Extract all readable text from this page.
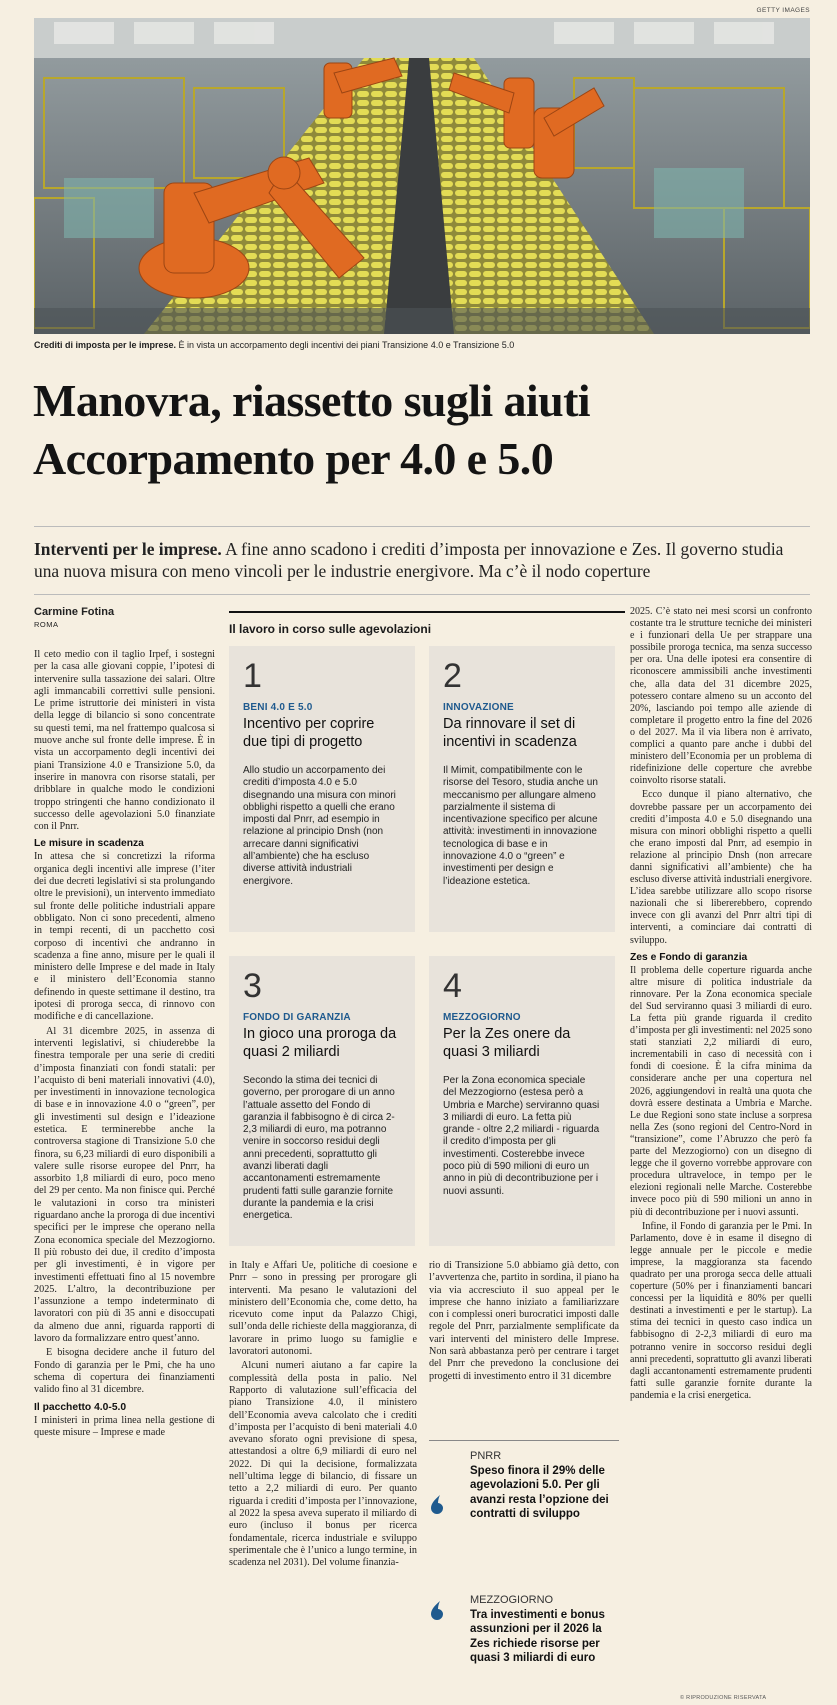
GETTY IMAGES
Crediti di imposta per le imprese. È in vista un accorpamento degli incentivi dei piani Transizione 4.0 e Transizione 5.0
Manovra, riassetto sugli aiuti
Accorpamento per 4.0 e 5.0
Interventi per le imprese. A fine anno scadono i crediti d’imposta per innovazione e Zes. Il governo studia una nuova misura con meno vincoli per le industrie energivore. Ma c’è il nodo coperture
Carmine Fotina
ROMA

Il ceto medio con il taglio Irpef, i sostegni per la casa alle giovani coppie, l’ipotesi di intervenire sulla tassazione dei salari. Oltre agli immancabili correttivi sulle pensioni. Le prime istruttorie dei ministeri in vista della legge di bilancio si sono concentrate su questi temi, ma nel frattempo qualcosa si muove anche sul fronte delle imprese. È in vista un accorpamento degli incentivi dei piani Transizione 4.0 e Transizione 5.0, da inserire in manovra con risorse statali, per dribblare in qualche modo le condizioni troppo stringenti che hanno condizionato il successo delle agevolazioni 5.0 finanziate con il Pnrr.

Le misure in scadenza

In attesa che si concretizzi la riforma organica degli incentivi alle imprese (l’iter dei due decreti legislativi si sta prolungando oltre le previsioni), un intervento immediato sul fronte delle politiche industriali appare obbligato. Non ci sono precedenti, almeno in tempi recenti, di un pacchetto così corposo di incentivi che andranno in scadenza a fine anno, misure per le quali il ministero delle Imprese e del made in Italy e il ministero dell’Economia stanno definendo in queste settimane il destino, tra ipotesi di proroga secca, di rinnovo con modifiche e di cancellazione.

Al 31 dicembre 2025, in assenza di interventi legislativi, si chiuderebbe la finestra temporale per una serie di crediti d’imposta finanziati con fondi statali: per l’acquisto di beni materiali innovativi (4.0), per investimenti in innovazione tecnologica di base e in innovazione 4.0 o “green”, per gli investimenti sul design e l’ideazione estetica. E terminerebbe anche la controversa stagione di Transizione 5.0 che finora, su 6,23 miliardi di euro disponibili a valere sulle risorse europee del Pnrr, ha assorbito 1,8 miliardi di euro, poco meno del 29 per cento. Ma non finisce qui. Perché le valutazioni in corso tra ministeri riguardano anche la proroga di due incentivi specifici per le imprese che operano nella Zona economica speciale del Mezzogiorno. Il più robusto dei due, il credito d’imposta per gli investimenti, è in vigore per investimenti effettuati fino al 15 novembre 2025. L’altro, la decontribuzione per l’assunzione a tempo indeterminato di lavoratori con più di 35 anni e disoccupati da almeno due anni, riguarda rapporti di lavoro da formalizzare entro quest’anno.

E bisogna decidere anche il futuro del Fondo di garanzia per le Pmi, che ha uno schema di copertura dei finanziamenti valido fino al 31 dicembre.

Il pacchetto 4.0-5.0

I ministeri in prima linea nella gestione di queste misure – Imprese e made

Il lavoro in corso sulle agevolazioni
1
BENI 4.0 E 5.0
Incentivo per coprire due tipi di progetto
Allo studio un accorpamento dei crediti d’imposta 4.0 e 5.0 disegnando una misura con minori obblighi rispetto a quelli che erano imposti dal Pnrr, ad esempio in relazione al principio Dnsh (non arrecare danni significativi all’ambiente) che ha escluso diverse attività industriali energivore.
2
INNOVAZIONE
Da rinnovare il set di incentivi in scadenza
Il Mimit, compatibilmente con le risorse del Tesoro, studia anche un meccanismo per allungare almeno parzialmente il sistema di incentivazione specifico per alcune attività: investimenti in innovazione tecnologica di base e in innovazione 4.0 o “green” e investimenti per design e l’ideazione estetica.
3
FONDO DI GARANZIA
In gioco una proroga da quasi 2 miliardi
Secondo la stima dei tecnici di governo, per prorogare di un anno l’attuale assetto del Fondo di garanzia il fabbisogno è di circa 2-2,3 miliardi di euro, ma potranno venire in soccorso residui degli anni precedenti, soprattutto gli avanzi liberati dagli accantonamenti estremamente prudenti fatti sulle garanzie fornite durante la pandemia e la crisi energetica.
4
MEZZOGIORNO
Per la Zes onere da quasi 3 miliardi
Per la Zona economica speciale del Mezzogiorno (estesa però a Umbria e Marche) serviranno quasi 3 miliardi di euro. La fetta più grande - oltre 2,2 miliardi - riguarda il credito d’imposta per gli investimenti. Costerebbe invece poco più di 590 milioni di euro un anno in più di decontribuzione per i nuovi assunti.

in Italy e Affari Ue, politiche di coesione e Pnrr – sono in pressing per prorogare gli interventi. Ma pesano le valutazioni del ministero dell’Economia che, come detto, ha ricevuto come input da Palazzo Chigi, sull’onda delle richieste della maggioranza, di lavorare in primo luogo su famiglie e lavoratori autonomi.

Alcuni numeri aiutano a far capire la complessità della posta in palio. Nel Rapporto di valutazione sull’efficacia del piano Transizione 4.0, il ministero dell’Economia aveva calcolato che i crediti d’imposta per l’acquisto di beni materiali 4.0 avevano sforato ogni previsione di spesa, attestandosi a oltre 6,9 miliardi di euro nel 2022. Di qui la decisione, formalizzata nell’ultima legge di bilancio, di fissare un tetto a 2,2 miliardi di euro. Per quanto riguarda i crediti d’imposta per l’innovazione, al 2022 la spesa aveva superato il miliardo di euro (incluso il bonus per ricerca fondamentale, ricerca industriale e sviluppo sperimentale che è l’unico a lungo termine, in scadenza nel 2031). Del volume finanzia-

rio di Transizione 5.0 abbiamo già detto, con l’avvertenza che, partito in sordina, il piano ha via via accresciuto il suo appeal per le imprese che hanno iniziato a familiarizzare con i complessi oneri burocratici imposti dalle regole del Pnrr, parzialmente semplificate da vari interventi del ministero delle Imprese. Non sarà abbastanza però per centrare i target del Pnrr che prevedono la conclusione dei progetti di investimento entro il 31 dicembre

PNRR
Speso finora il 29% delle agevolazioni 5.0. Per gli avanzi resta l’opzione dei contratti di sviluppo
MEZZOGIORNO
Tra investimenti e bonus assunzioni per il 2026 la Zes richiede risorse per quasi 3 miliardi di euro

2025. C’è stato nei mesi scorsi un confronto costante tra le strutture tecniche dei ministeri e i funzionari della Ue per strappare una possibile proroga tecnica, ma senza successo per ora. Una delle ipotesi era consentire di riconoscere ammissibili anche investimenti che, alla data del 31 dicembre 2025, potessero contare almeno su un acconto del 20%, lasciando poi tempo alle aziende di completare il progetto entro la fine del 2026 o del 2027. Ma il via libera non è arrivato, complici a quanto pare anche i dubbi del ministero dell’Economia per un problema di ridefinizione delle coperture che avrebbe coinvolto risorse statali.

Ecco dunque il piano alternativo, che dovrebbe passare per un accorpamento dei crediti d’imposta 4.0 e 5.0 disegnando una misura con minori obblighi rispetto a quelli che erano imposti dal Pnrr, ad esempio in relazione al principio Dnsh (non arrecare danni significativi all’ambiente) che ha escluso diverse attività industriali energivore. L’idea sarebbe utilizzare allo scopo risorse nazionali che si libererebbero, coprendo invece con gli avanzi del Pnrr altri tipi di interventi, a cominciare dai contratti di sviluppo.

Zes e Fondo di garanzia

Il problema delle coperture riguarda anche altre misure di politica industriale da rinnovare. Per la Zona economica speciale del Sud serviranno quasi 3 miliardi di euro. La fetta più grande riguarda il credito d’imposta per gli investimenti: nel 2025 sono stati stanziati 2,2 miliardi di euro, incrementabili in caso di necessità con i fondi di coesione. È la cifra minima da considerare anche per una copertura nel 2026, aggiungendovi in realtà una quota che dovrà essere destinata a Umbria e Marche. Le due Regioni sono state incluse a sorpresa nella Zes (sono regioni del Centro-Nord in “transizione”, come l’Abruzzo che però fa parte del Mezzogiorno) con un disegno di legge che il governo vorrebbe approvare con procedura ultraveloce, in tempo per le elezioni regionali nelle Marche. Costerebbe invece poco più di 590 milioni un anno in più di decontribuzione per i nuovi assunti.

Infine, il Fondo di garanzia per le Pmi. In Parlamento, dove è in esame il disegno di legge annuale per le piccole e medie imprese, la maggioranza sta facendo quadrato per una proroga secca delle attuali coperture (50% per i finanziamenti bancari concessi per la liquidità e 80% per quelli destinati a investimenti e per le startup). La stima dei tecnici in questo caso indica un fabbisogno di 2-2,3 miliardi di euro ma potranno venire in soccorso residui degli anni precedenti, soprattutto gli avanzi liberati dagli accantonamenti estremamente prudenti fatti sulle garanzie fornite durante la pandemia e la crisi energetica.

© RIPRODUZIONE RISERVATA
